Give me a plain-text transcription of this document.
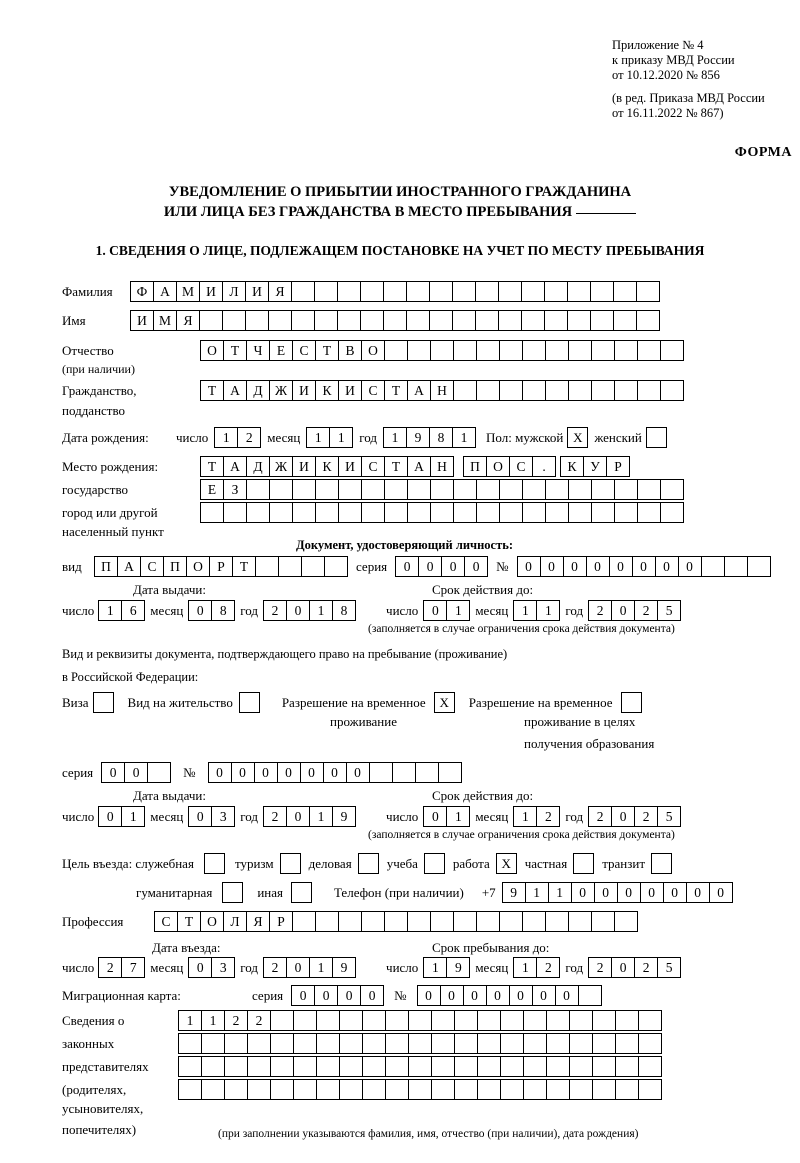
Приложение № 4
к приказу МВД России
от 10.12.2020 № 856
(в ред. Приказа МВД России
от 16.11.2022 № 867)
ФОРМА
УВЕДОМЛЕНИЕ О ПРИБЫТИИ ИНОСТРАННОГО ГРАЖДАНИНА
ИЛИ ЛИЦА БЕЗ ГРАЖДАНСТВА В МЕСТО ПРЕБЫВАНИЯ
1. СВЕДЕНИЯ О ЛИЦЕ, ПОДЛЕЖАЩЕМ ПОСТАНОВКЕ НА УЧЕТ ПО МЕСТУ ПРЕБЫВАНИЯ
Фамилия	Ф А М И	Л	И	Я
Имя	И М Я
Отчество	О	Т	Ч	Е	С	Т	В	О
(при наличии)
Гражданство,	Т	А	Д Ж И	К	И	С	Т	А Н
подданство
Дата рождения:	число	1	2	месяц	1	1	год	1	9	8	1	Пол: мужской X женский
Место рождения:	Т	А	Д Ж И	К	И	С	Т	А Н	П О	С	.	К	У	Р
государство	Е	З
город или другой
населенный пункт
Документ, удостоверяющий личность:
вид	П А	С	П О	Р	Т	серия	0	0	0	0	№	0	0	0	0	0	0	0	0
Дата выдачи:	Срок действия до:
число 1	6	месяц	0	8	год	2	0	1	8	число	0	1	месяц	1	1	год	2	0	2	5
(заполняется в случае ограничения срока действия документа)
Вид и реквизиты документа, подтверждающего право на пребывание (проживание)
в Российской Федерации:
Виза	Вид на жительство	Разрешение на временное	X	Разрешение на временное
проживание	проживание в целях
получения образования
серия	0	0	№	0	0	0	0	0	0	0
Дата выдачи:	Срок действия до:
число 0	1	месяц	0	3	год	2	0	1	9	число	0	1	месяц	1	2	год	2	0	2	5
(заполняется в случае ограничения срока действия документа)
Цель въезда: служебная	туризм	деловая	учеба	работа X	частная	транзит
гуманитарная	иная	Телефон (при наличии) +7	9	1	1	0	0	0	0	0	0	0
Профессия	С	Т	О	Л	Я	Р
Дата въезда:	Срок пребывания до:
число 2	7	месяц	0	3	год	2	0	1	9	число	1	9	месяц	1	2	год	2	0	2	5
Миграционная карта:	серия	0	0	0	0	№	0	0	0	0	0	0	0
Сведения о	1	1	2	2
законных
представителях
(родителях,
усыновителях,
попечителях)	(при заполнении указываются фамилия, имя, отчество (при наличии), дата рождения)
